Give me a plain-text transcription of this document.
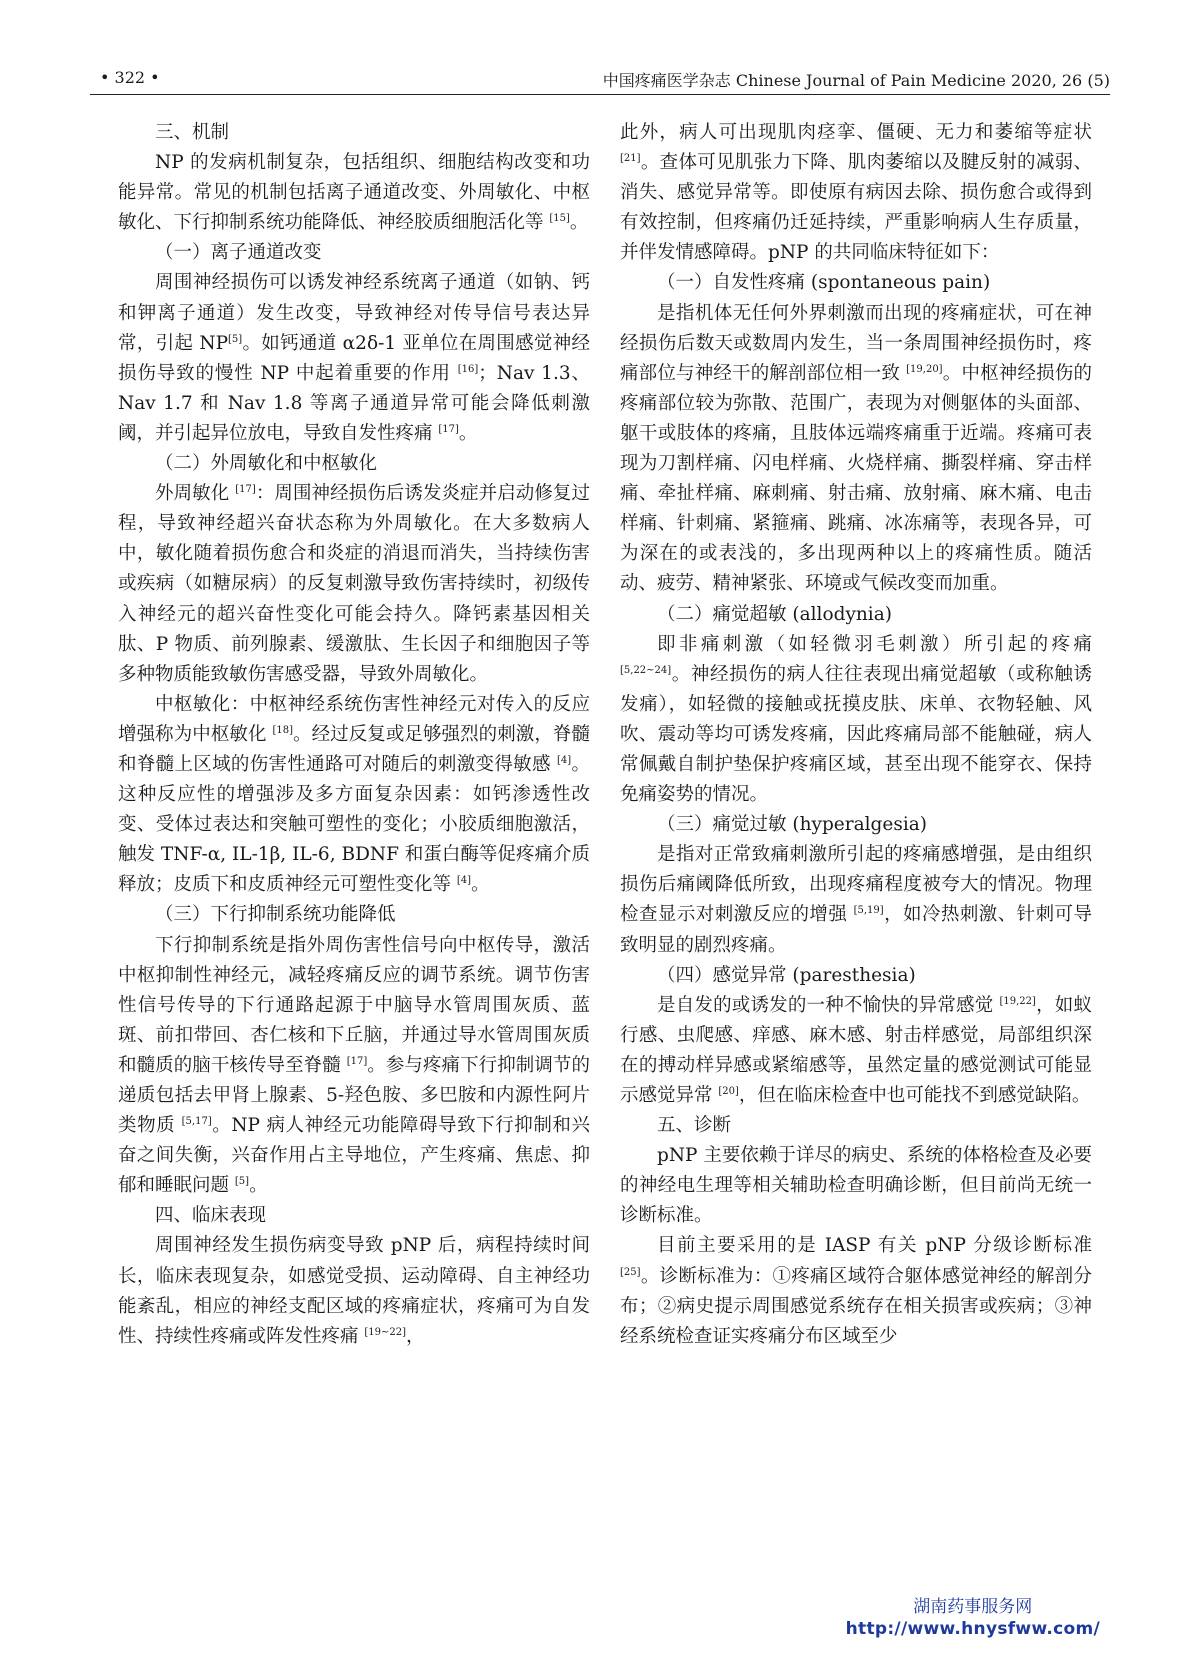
• 322 •	中国疼痛医学杂志 Chinese Journal of Pain Medicine 2020, 26 (5)

三、机制

NP 的发病机制复杂，包括组织、细胞结构改变和功能异常。常见的机制包括离子通道改变、外周敏化、中枢敏化、下行抑制系统功能降低、神经胶质细胞活化等 [15]。

（一）离子通道改变

周围神经损伤可以诱发神经系统离子通道（如钠、钙和钾离子通道）发生改变，导致神经对传导信号表达异常，引起 NP[5]。如钙通道 α2δ-1 亚单位在周围感觉神经损伤导致的慢性 NP 中起着重要的作用 [16]；Nav 1.3、Nav 1.7 和 Nav 1.8 等离子通道异常可能会降低刺激阈，并引起异位放电，导致自发性疼痛 [17]。

（二）外周敏化和中枢敏化

外周敏化 [17]：周围神经损伤后诱发炎症并启动修复过程，导致神经超兴奋状态称为外周敏化。在大多数病人中，敏化随着损伤愈合和炎症的消退而消失，当持续伤害或疾病（如糖尿病）的反复刺激导致伤害持续时，初级传入神经元的超兴奋性变化可能会持久。降钙素基因相关肽、P 物质、前列腺素、缓激肽、生长因子和细胞因子等多种物质能致敏伤害感受器，导致外周敏化。

中枢敏化：中枢神经系统伤害性神经元对传入的反应增强称为中枢敏化 [18]。经过反复或足够强烈的刺激，脊髓和脊髓上区域的伤害性通路可对随后的刺激变得敏感 [4]。这种反应性的增强涉及多方面复杂因素：如钙渗透性改变、受体过表达和突触可塑性的变化；小胶质细胞激活，触发 TNF-α, IL-1β, IL-6, BDNF 和蛋白酶等促疼痛介质释放；皮质下和皮质神经元可塑性变化等 [4]。

（三）下行抑制系统功能降低

下行抑制系统是指外周伤害性信号向中枢传导，激活中枢抑制性神经元，减轻疼痛反应的调节系统。调节伤害性信号传导的下行通路起源于中脑导水管周围灰质、蓝斑、前扣带回、杏仁核和下丘脑，并通过导水管周围灰质和髓质的脑干核传导至脊髓 [17]。参与疼痛下行抑制调节的递质包括去甲肾上腺素、5-羟色胺、多巴胺和内源性阿片类物质 [5,17]。NP 病人神经元功能障碍导致下行抑制和兴奋之间失衡，兴奋作用占主导地位，产生疼痛、焦虑、抑郁和睡眠问题 [5]。

四、临床表现

周围神经发生损伤病变导致 pNP 后，病程持续时间长，临床表现复杂，如感觉受损、运动障碍、自主神经功能紊乱，相应的神经支配区域的疼痛症状，疼痛可为自发性、持续性疼痛或阵发性疼痛 [19~22]，

此外，病人可出现肌肉痉挛、僵硬、无力和萎缩等症状 [21]。查体可见肌张力下降、肌肉萎缩以及腱反射的减弱、消失、感觉异常等。即使原有病因去除、损伤愈合或得到有效控制，但疼痛仍迁延持续，严重影响病人生存质量，并伴发情感障碍。pNP 的共同临床特征如下：

（一）自发性疼痛 (spontaneous pain)

是指机体无任何外界刺激而出现的疼痛症状，可在神经损伤后数天或数周内发生，当一条周围神经损伤时，疼痛部位与神经干的解剖部位相一致 [19,20]。中枢神经损伤的疼痛部位较为弥散、范围广，表现为对侧躯体的头面部、躯干或肢体的疼痛，且肢体远端疼痛重于近端。疼痛可表现为刀割样痛、闪电样痛、火烧样痛、撕裂样痛、穿击样痛、牵扯样痛、麻刺痛、射击痛、放射痛、麻木痛、电击样痛、针刺痛、紧箍痛、跳痛、冰冻痛等，表现各异，可为深在的或表浅的，多出现两种以上的疼痛性质。随活动、疲劳、精神紧张、环境或气候改变而加重。

（二）痛觉超敏 (allodynia)

即非痛刺激（如轻微羽毛刺激）所引起的疼痛 [5,22~24]。神经损伤的病人往往表现出痛觉超敏（或称触诱发痛），如轻微的接触或抚摸皮肤、床单、衣物轻触、风吹、震动等均可诱发疼痛，因此疼痛局部不能触碰，病人常佩戴自制护垫保护疼痛区域，甚至出现不能穿衣、保持免痛姿势的情况。

（三）痛觉过敏 (hyperalgesia)

是指对正常致痛刺激所引起的疼痛感增强，是由组织损伤后痛阈降低所致，出现疼痛程度被夸大的情况。物理检查显示对刺激反应的增强 [5,19]，如冷热刺激、针刺可导致明显的剧烈疼痛。

（四）感觉异常 (paresthesia)

是自发的或诱发的一种不愉快的异常感觉 [19,22]，如蚁行感、虫爬感、痒感、麻木感、射击样感觉，局部组织深在的搏动样异感或紧缩感等，虽然定量的感觉测试可能显示感觉异常 [20]，但在临床检查中也可能找不到感觉缺陷。

五、诊断

pNP 主要依赖于详尽的病史、系统的体格检查及必要的神经电生理等相关辅助检查明确诊断，但目前尚无统一诊断标准。

目前主要采用的是 IASP 有关 pNP 分级诊断标准 [25]。诊断标准为：①疼痛区域符合躯体感觉神经的解剖分布；②病史提示周围感觉系统存在相关损害或疾病；③神经系统检查证实疼痛分布区域至少

湖南药事服务网
http://www.hnysfww.com/
